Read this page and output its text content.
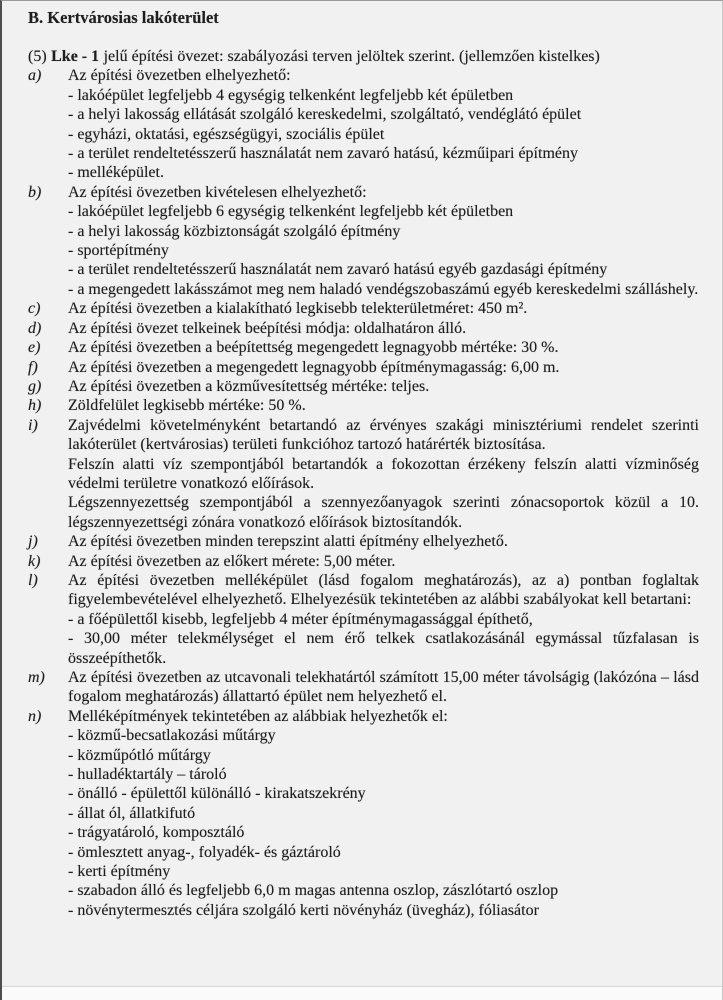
B. Kertvárosias lakóterület
(5) Lke - 1 jelű építési övezet: szabályozási terven jelöltek szerint. (jellemzően kistelkes)
a)	Az építési övezetben elhelyezhető:

- lakóépület legfeljebb 4 egységig telkenként legfeljebb két épületben

- a helyi lakosság ellátását szolgáló kereskedelmi, szolgáltató, vendéglátó épület

- egyházi, oktatási, egészségügyi, szociális épület

- a terület rendeltetésszerű használatát nem zavaró hatású, kézműipari építmény

- melléképület.

b)	Az építési övezetben kivételesen elhelyezhető:

- lakóépület legfeljebb 6 egységig telkenként legfeljebb két épületben

- a helyi lakosság közbiztonságát szolgáló építmény

- sportépítmény

- a terület rendeltetésszerű használatát nem zavaró hatású egyéb gazdasági építmény

- a megengedett lakásszámot meg nem haladó vendégszobaszámú egyéb kereskedelmi szálláshely.

c)	Az építési övezetben a kialakítható legkisebb telekterületméret: 450 m².

d)	Az építési övezet telkeinek beépítési módja: oldalhatáron álló.

e)	Az építési övezetben a beépítettség megengedett legnagyobb mértéke: 30 %.

f)	Az építési övezetben a megengedett legnagyobb építménymagasság: 6,00 m.

g)	Az építési övezetben a közművesítettség mértéke: teljes.

h)	Zöldfelület legkisebb mértéke: 50 %.

i)	Zajvédelmi követelményként betartandó az érvényes szakági minisztériumi rendelet szerinti lakóterület (kertvárosias) területi funkcióhoz tartozó határérték biztosítása.

Felszín alatti víz szempontjából betartandók a fokozottan érzékeny felszín alatti vízminőség védelmi területre vonatkozó előírások.

Légszennyezettség szempontjából a szennyezőanyagok szerinti zónacsoportok közül a 10. légszennyezettségi zónára vonatkozó előírások biztosítandók.

j)	Az építési övezetben minden terepszint alatti építmény elhelyezhető.

k)	Az építési övezetben az előkert mérete: 5,00 méter.

l)	Az építési övezetben melléképület (lásd fogalom meghatározás), az a) pontban foglaltak figyelembevételével elhelyezhető. Elhelyezésük tekintetében az alábbi szabályokat kell betartani:

- a főépülettől kisebb, legfeljebb 4 méter építménymagassággal építhető,

- 30,00 méter telekmélységet el nem érő telkek csatlakozásánál egymással tűzfalasan is összeépíthetők.

m)	Az építési övezetben az utcavonali telekhatártól számított 15,00 méter távolságig (lakózóna – lásd fogalom meghatározás) állattartó épület nem helyezhető el.

n)	Melléképítmények tekintetében az alábbiak helyezhetők el:

- közmű-becsatlakozási műtárgy

- közműpótló műtárgy

- hulladéktartály – tároló

- önálló - épülettől különálló - kirakatszekrény

- állat ól, állatkifutó

- trágyatároló, komposztáló

- ömlesztett anyag-, folyadék- és gáztároló

- kerti építmény

- szabadon álló és legfeljebb 6,0 m magas antenna oszlop, zászlótartó oszlop

- növénytermesztés céljára szolgáló kerti növényház (üvegház), fóliasátor
